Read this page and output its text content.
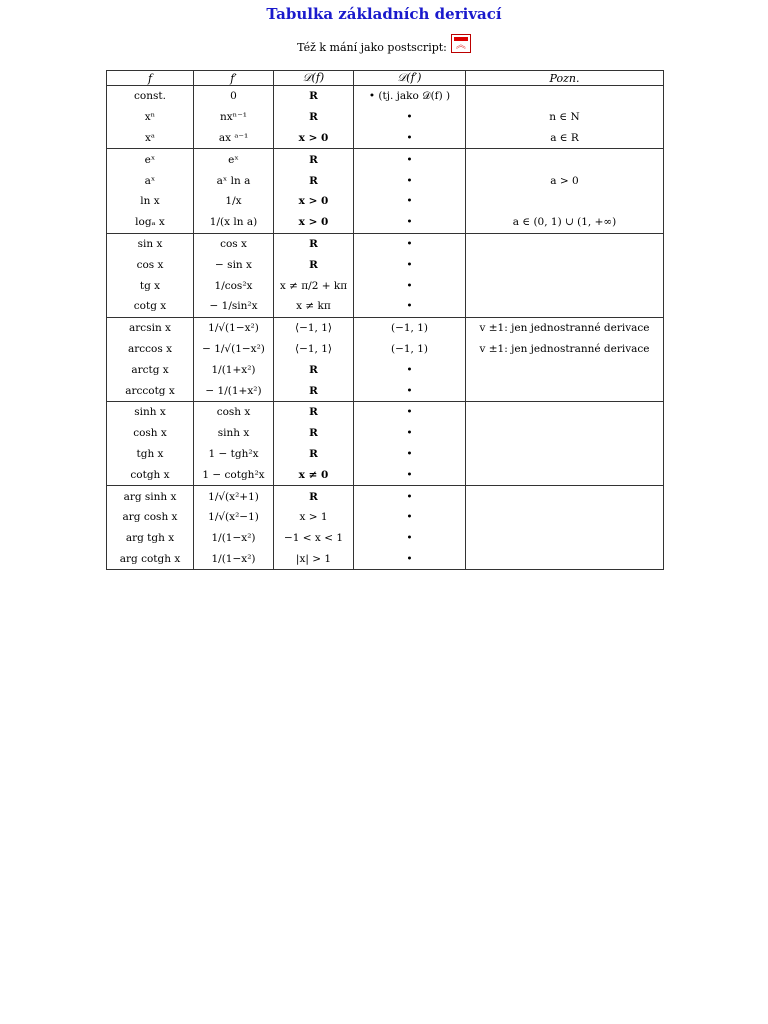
Tabulka základních derivací
Též k mání jako postscript: ︽
f	f′	𝒟(f)	𝒟(f′)	Pozn.
const.	0	R	• (tj. jako 𝒟(f) )	
xⁿ	nxⁿ⁻¹	R	•	n ∈ N
xᵃ	ax ᵃ⁻¹	x > 0	•	a ∈ R
eˣ	eˣ	R	•	
aˣ	aˣ ln a	R	•	a > 0
ln x	1/x	x > 0	•	
logₐ x	1/(x ln a)	x > 0	•	a ∈ (0, 1) ∪ (1, +∞)
sin x	cos x	R	•	
cos x	− sin x	R	•	
tg x	1/cos²x	x ≠ π/2 + kπ	•	
cotg x	− 1/sin²x	x ≠ kπ	•	
arcsin x	1/√(1−x²)	⟨−1, 1⟩	(−1, 1)	v ±1: jen jednostranné derivace
arccos x	− 1/√(1−x²)	⟨−1, 1⟩	(−1, 1)	v ±1: jen jednostranné derivace
arctg x	1/(1+x²)	R	•	
arccotg x	− 1/(1+x²)	R	•	
sinh x	cosh x	R	•	
cosh x	sinh x	R	•	
tgh x	1 − tgh²x	R	•	
cotgh x	1 − cotgh²x	x ≠ 0	•	
arg sinh x	1/√(x²+1)	R	•	
arg cosh x	1/√(x²−1)	x > 1	•	
arg tgh x	1/(1−x²)	−1 < x < 1	•	
arg cotgh x	1/(1−x²)	|x| > 1	•	
